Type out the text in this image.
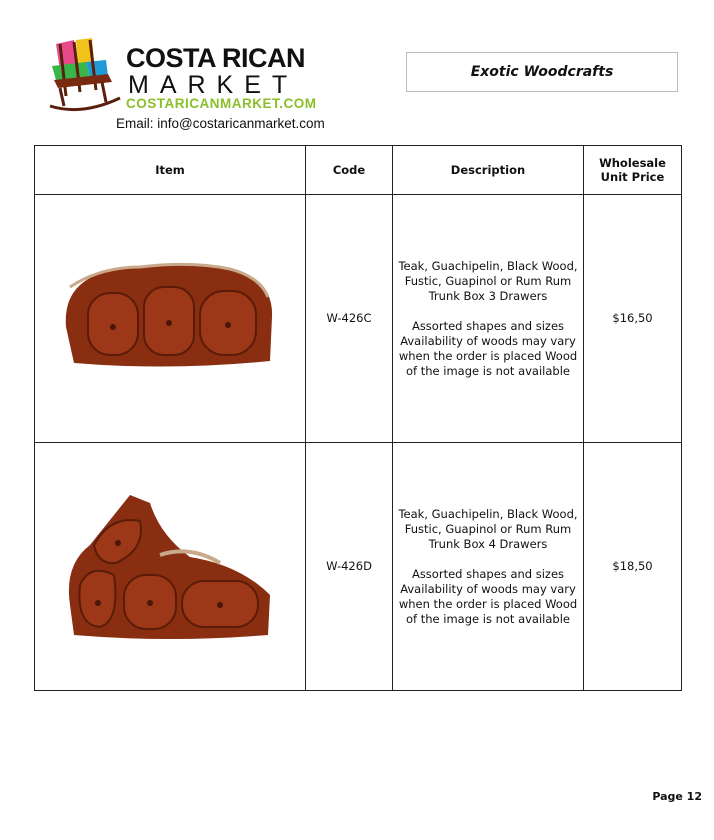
COSTA RICAN
MARKET
COSTARICANMARKET.COM
Email: info@costaricanmarket.com
Exotic Woodcrafts
Item	Code	Description	Wholesale Unit Price
	W-426C	Teak, Guachipelin, Black Wood, Fustic, Guapinol or Rum Rum Trunk Box 3 Drawers
Assorted shapes and sizes Availability of woods may vary when the order is placed Wood of the image is not available	$16,50
	W-426D	Teak, Guachipelin, Black Wood, Fustic, Guapinol or Rum Rum Trunk Box 4 Drawers
Assorted shapes and sizes Availability of woods may vary when the order is placed Wood of the image is not available	$18,50
Page 12
